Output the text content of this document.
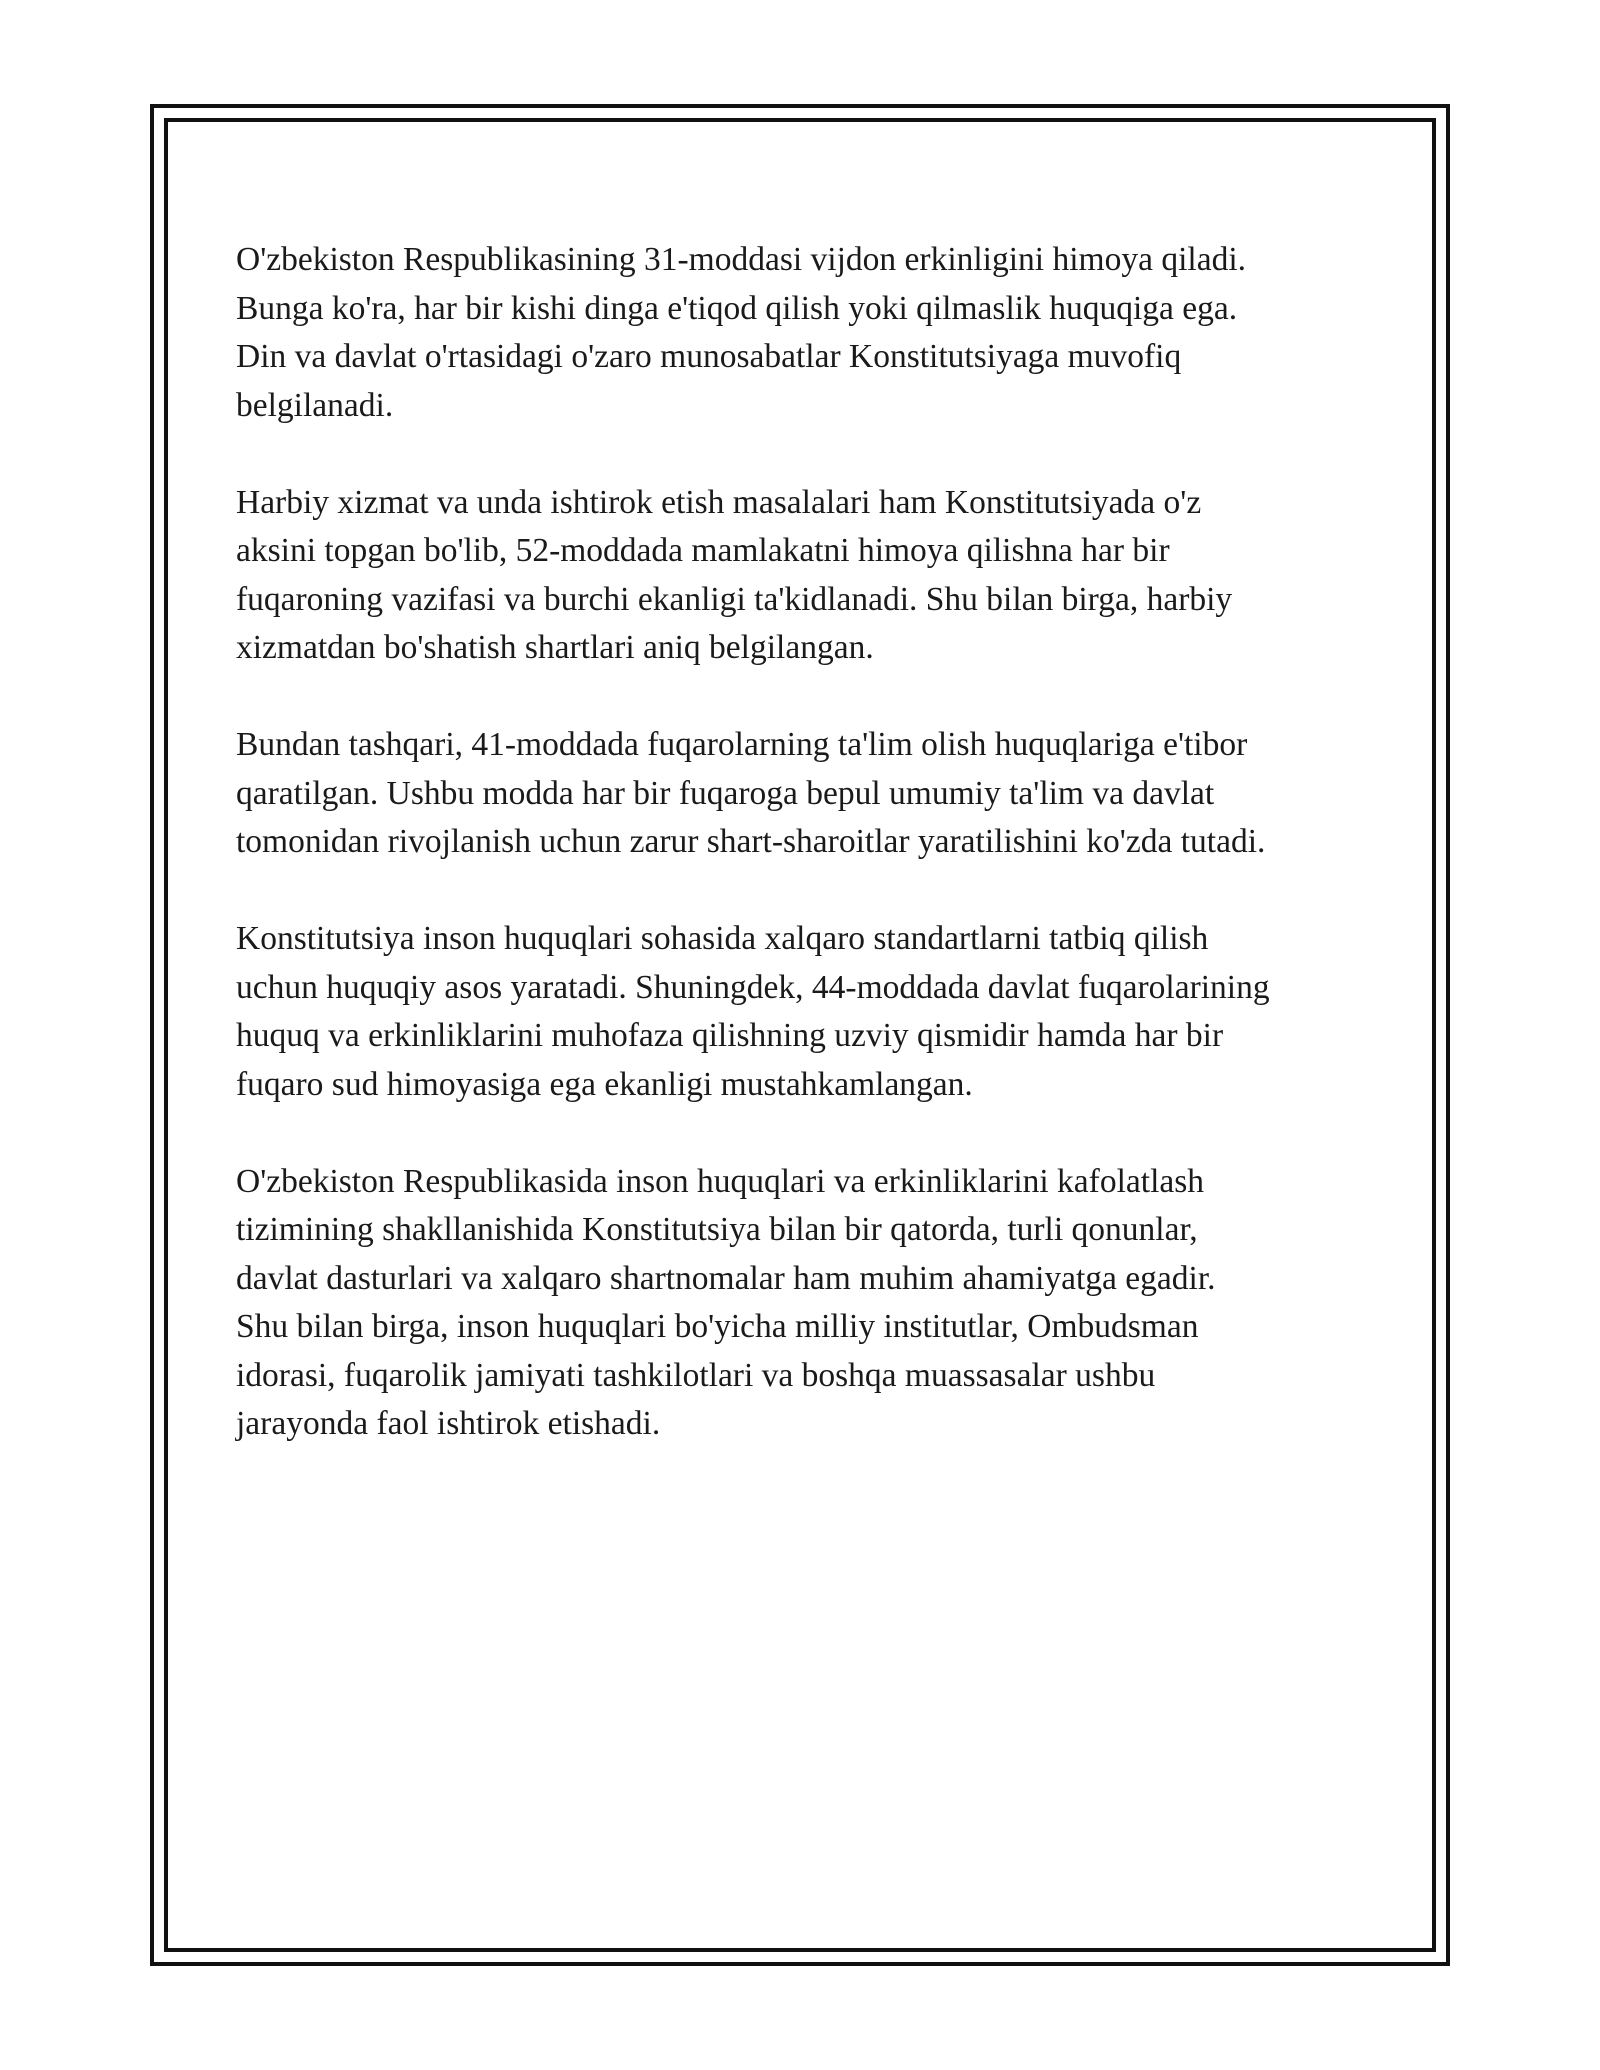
O'zbekiston Respublikasining 31-moddasi vijdon erkinligini himoya qiladi.
Bunga ko'ra, har bir kishi dinga e'tiqod qilish yoki qilmaslik huquqiga ega.
Din va davlat o'rtasidagi o'zaro munosabatlar Konstitutsiyaga muvofiq
belgilanadi.

Harbiy xizmat va unda ishtirok etish masalalari ham Konstitutsiyada o'z
aksini topgan bo'lib, 52-moddada mamlakatni himoya qilishna har bir
fuqaroning vazifasi va burchi ekanligi ta'kidlanadi. Shu bilan birga, harbiy
xizmatdan bo'shatish shartlari aniq belgilangan.

Bundan tashqari, 41-moddada fuqarolarning ta'lim olish huquqlariga e'tibor
qaratilgan. Ushbu modda har bir fuqaroga bepul umumiy ta'lim va davlat
tomonidan rivojlanish uchun zarur shart-sharoitlar yaratilishini ko'zda tutadi.

Konstitutsiya inson huquqlari sohasida xalqaro standartlarni tatbiq qilish
uchun huquqiy asos yaratadi. Shuningdek, 44-moddada davlat fuqarolarining
huquq va erkinliklarini muhofaza qilishning uzviy qismidir hamda har bir
fuqaro sud himoyasiga ega ekanligi mustahkamlangan.

O'zbekiston Respublikasida inson huquqlari va erkinliklarini kafolatlash
tizimining shakllanishida Konstitutsiya bilan bir qatorda, turli qonunlar,
davlat dasturlari va xalqaro shartnomalar ham muhim ahamiyatga egadir.
Shu bilan birga, inson huquqlari bo'yicha milliy institutlar, Ombudsman
idorasi, fuqarolik jamiyati tashkilotlari va boshqa muassasalar ushbu
jarayonda faol ishtirok etishadi.
